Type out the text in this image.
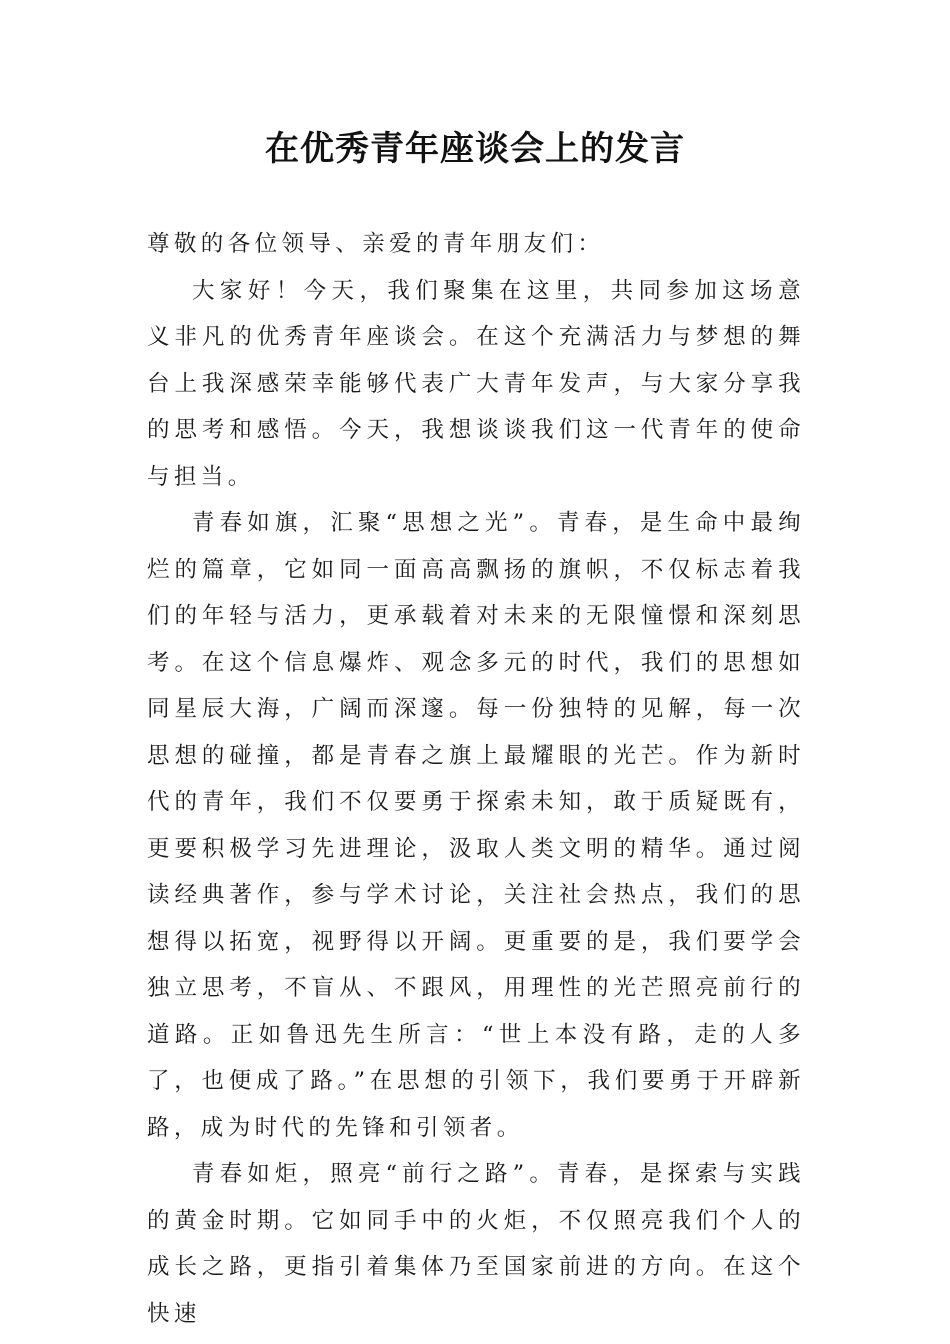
在优秀青年座谈会上的发言

尊敬的各位领导、亲爱的青年朋友们：

大家好！今天，我们聚集在这里，共同参加这场意义非凡的优秀青年座谈会。在这个充满活力与梦想的舞台上我深感荣幸能够代表广大青年发声，与大家分享我的思考和感悟。今天，我想谈谈我们这一代青年的使命与担当。

青春如旗，汇聚“思想之光”。青春，是生命中最绚烂的篇章，它如同一面高高飘扬的旗帜，不仅标志着我们的年轻与活力，更承载着对未来的无限憧憬和深刻思考。在这个信息爆炸、观念多元的时代，我们的思想如同星辰大海，广阔而深邃。每一份独特的见解，每一次思想的碰撞，都是青春之旗上最耀眼的光芒。作为新时代的青年，我们不仅要勇于探索未知，敢于质疑既有，更要积极学习先进理论，汲取人类文明的精华。通过阅读经典著作，参与学术讨论，关注社会热点，我们的思想得以拓宽，视野得以开阔。更重要的是，我们要学会独立思考，不盲从、不跟风，用理性的光芒照亮前行的道路。正如鲁迅先生所言：“世上本没有路，走的人多了，也便成了路。”在思想的引领下，我们要勇于开辟新路，成为时代的先锋和引领者。

青春如炬，照亮“前行之路”。青春，是探索与实践的黄金时期。它如同手中的火炬，不仅照亮我们个人的成长之路，更指引着集体乃至国家前进的方向。在这个快速
